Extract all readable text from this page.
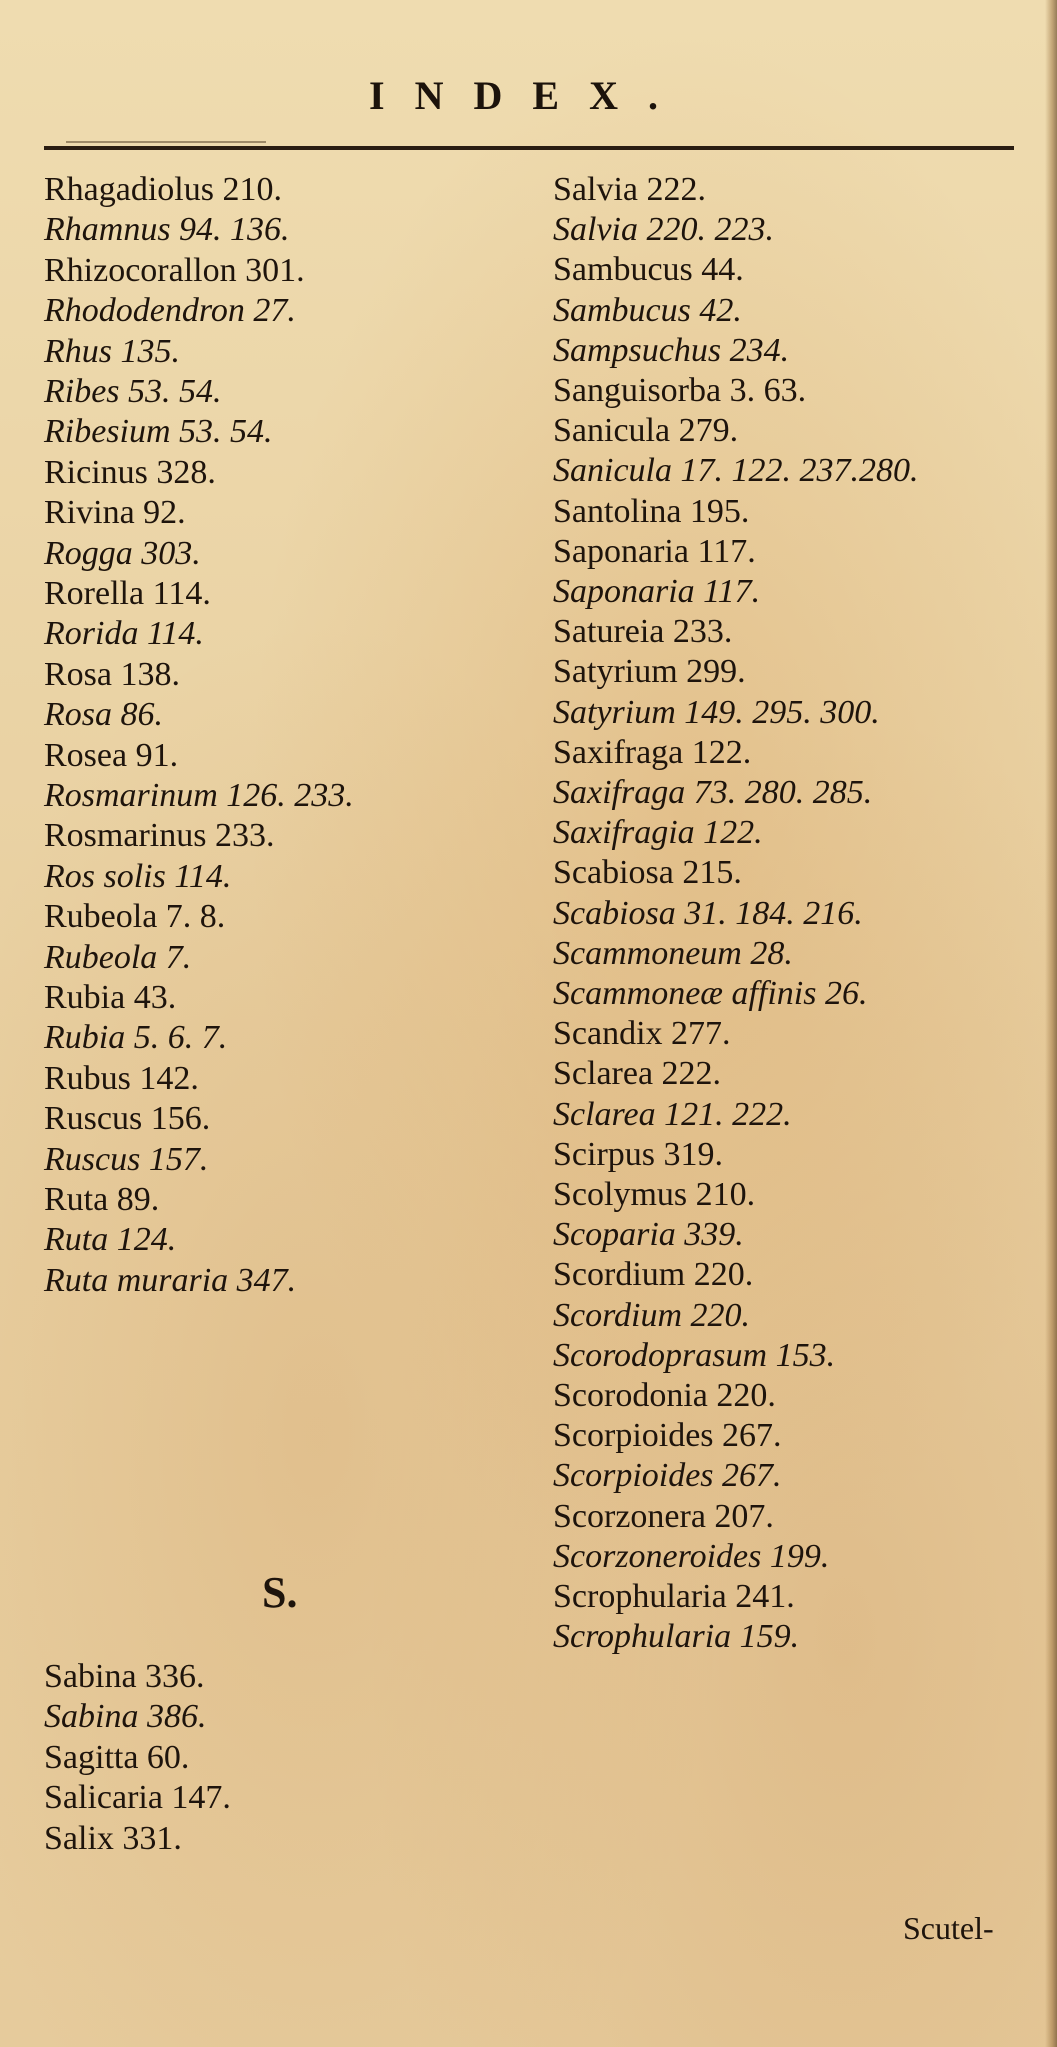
INDEX.
Rhagadiolus 210.
Rhamnus 94. 136.
Rhizocorallon 301.
Rhododendron 27.
Rhus 135.
Ribes 53. 54.
Ribesium 53. 54.
Ricinus 328.
Rivina 92.
Rogga 303.
Rorella 114.
Rorida 114.
Rosa 138.
Rosa 86.
Rosea 91.
Rosmarinum 126. 233.
Rosmarinus 233.
Ros solis 114.
Rubeola 7. 8.
Rubeola 7.
Rubia 43.
Rubia 5. 6. 7.
Rubus 142.
Ruscus 156.
Ruscus 157.
Ruta 89.
Ruta 124.
Ruta muraria 347.
S.
Sabina 336.
Sabina 386.
Sagitta 60.
Salicaria 147.
Salix 331.
Salvia 222.
Salvia 220. 223.
Sambucus 44.
Sambucus 42.
Sampsuchus 234.
Sanguisorba 3. 63.
Sanicula 279.
Sanicula 17. 122. 237.280.
Santolina 195.
Saponaria 117.
Saponaria 117.
Satureia 233.
Satyrium 299.
Satyrium 149. 295. 300.
Saxifraga 122.
Saxifraga 73. 280. 285.
Saxifragia 122.
Scabiosa 215.
Scabiosa 31. 184. 216.
Scammoneum 28.
Scammoneæ affinis 26.
Scandix 277.
Sclarea 222.
Sclarea 121. 222.
Scirpus 319.
Scolymus 210.
Scoparia 339.
Scordium 220.
Scordium 220.
Scorodoprasum 153.
Scorodonia 220.
Scorpioides 267.
Scorpioides 267.
Scorzonera 207.
Scorzoneroides 199.
Scrophularia 241.
Scrophularia 159.
Scutel-
